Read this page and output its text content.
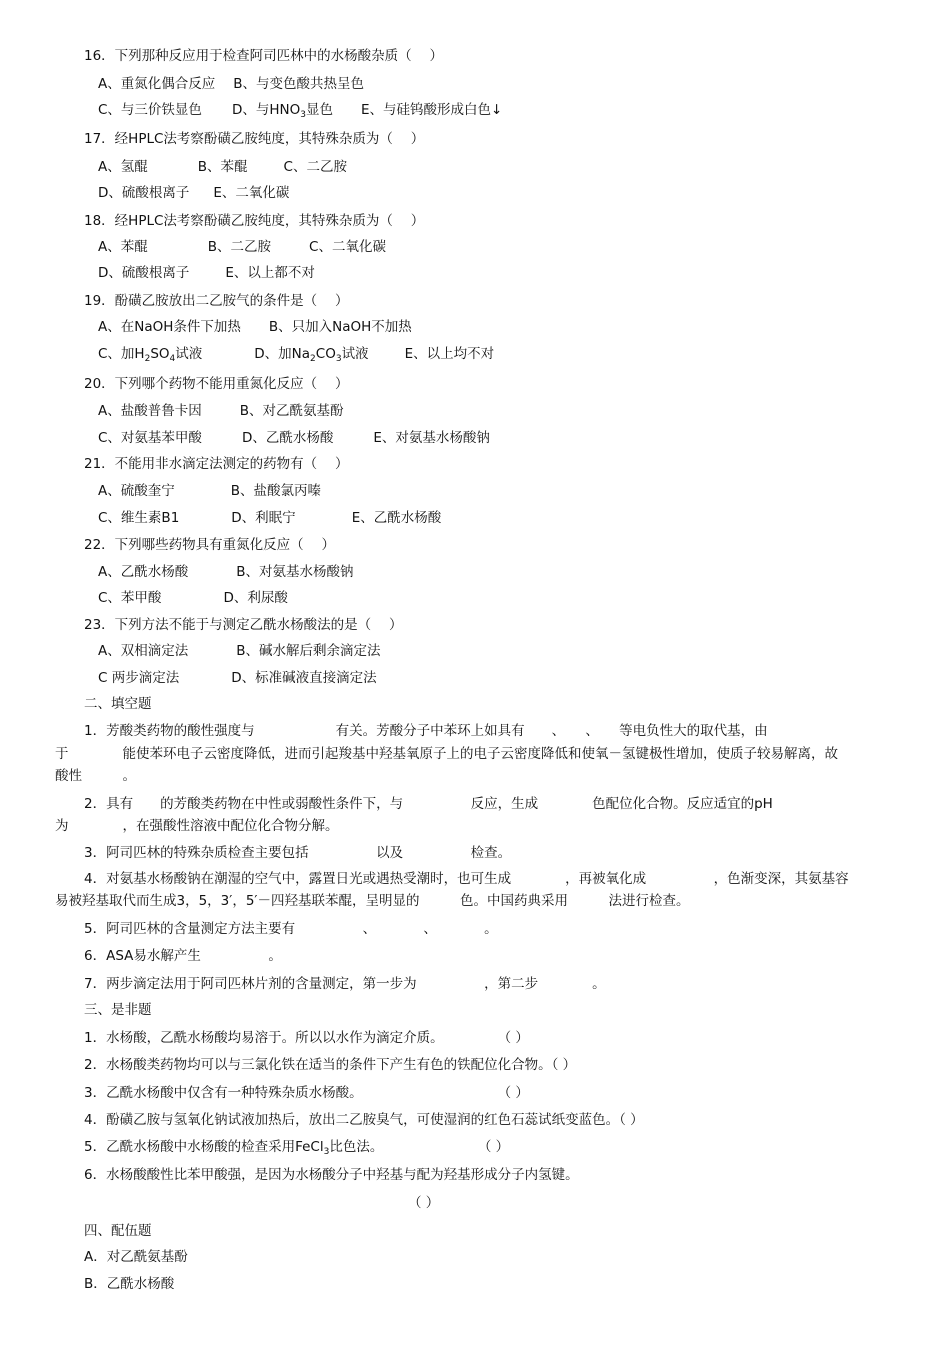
16．下列那种反应用于检查阿司匹林中的水杨酸杂质（　 ）
A、重氮化偶合反应 B、与变色酸共热呈色
C、与三价铁显色 D、与$HNO_3$显色 E、与硅钨酸形成白色↓
17．经HPLC法考察酚磺乙胺纯度，其特殊杂质为（　 ）
A、氢醌	B、苯醌	C、二乙胺
D、硫酸根离子 E、二氧化碳
18．经HPLC法考察酚磺乙胺纯度，其特殊杂质为（　 ）
A、苯醌	B、二乙胺	C、二氧化碳
D、硫酸根离子	E、以上都不对
19．酚磺乙胺放出二乙胺气的条件是（　 ）
A、在NaOH条件下加热 B、只加入NaOH不加热
C、加$H_2SO_4$试液	D、加$Na_2CO_3$试液	E、以上均不对
20．下列哪个药物不能用重氮化反应（　 ）
A、盐酸普鲁卡因	B、对乙酰氨基酚
C、对氨基苯甲酸	D、乙酰水杨酸	E、对氨基水杨酸钠
21．不能用非水滴定法测定的药物有（　 ）
A、硫酸奎宁	B、盐酸氯丙嗪
C、维生素B1	D、利眠宁	E、乙酰水杨酸
22．下列哪些药物具有重氮化反应（　 ）
A、乙酰水杨酸	B、对氨基水杨酸钠
C、苯甲酸	D、利尿酸
23．下列方法不能于与测定乙酰水杨酸法的是（　 ）
A、双相滴定法	B、碱水解后剩余滴定法
C 两步滴定法	D、标准碱液直接滴定法
二、填空题
1．芳酸类药物的酸性强度与　　　　　　有关。芳酸分子中苯环上如具有　　、　　、　　等电负性大的取代基，由
于　　　　能使苯环电子云密度降低，进而引起羧基中羟基氧原子上的电子云密度降低和使氧－氢键极性增加，使质子较易解离，故
酸性　　　。
2．具有　　的芳酸类药物在中性或弱酸性条件下，与　　　　　反应，生成　　　　色配位化合物。反应适宜的pH
为　　　　，在强酸性溶液中配位化合物分解。
3．阿司匹林的特殊杂质检查主要包括　　　　　以及　　　　　检查。
4．对氨基水杨酸钠在潮湿的空气中，露置日光或遇热受潮时，也可生成　　　　，再被氧化成　　　　　，色渐变深，其氨基容
易被羟基取代而生成3，5，3′，5′－四羟基联苯醌，呈明显的　　　色。中国药典采用　　　法进行检查。
5．阿司匹林的含量测定方法主要有　　　　　、　　　　、　　　　。
6．ASA易水解产生　　　　　。
7．两步滴定法用于阿司匹林片剂的含量测定，第一步为　　　　　，第二步　　　　。
三、是非题
1．水杨酸，乙酰水杨酸均易溶于。所以以水作为滴定介质。　　　　　（ ）
2．水杨酸类药物均可以与三氯化铁在适当的条件下产生有色的铁配位化合物。（ ）
3．乙酰水杨酸中仅含有一种特殊杂质水杨酸。　　　　　　　　　　　（ ）
4．酚磺乙胺与氢氧化钠试液加热后，放出二乙胺臭气，可使湿润的红色石蕊试纸变蓝色。（ ）
5．乙酰水杨酸中水杨酸的检查采用FeCl$_3$比色法。　　　　　　　　（ ）
6．水杨酸酸性比苯甲酸强，是因为水杨酸分子中羟基与配为羟基形成分子内氢键。
（ ）
四、配伍题
A．对乙酰氨基酚
B．乙酰水杨酸
